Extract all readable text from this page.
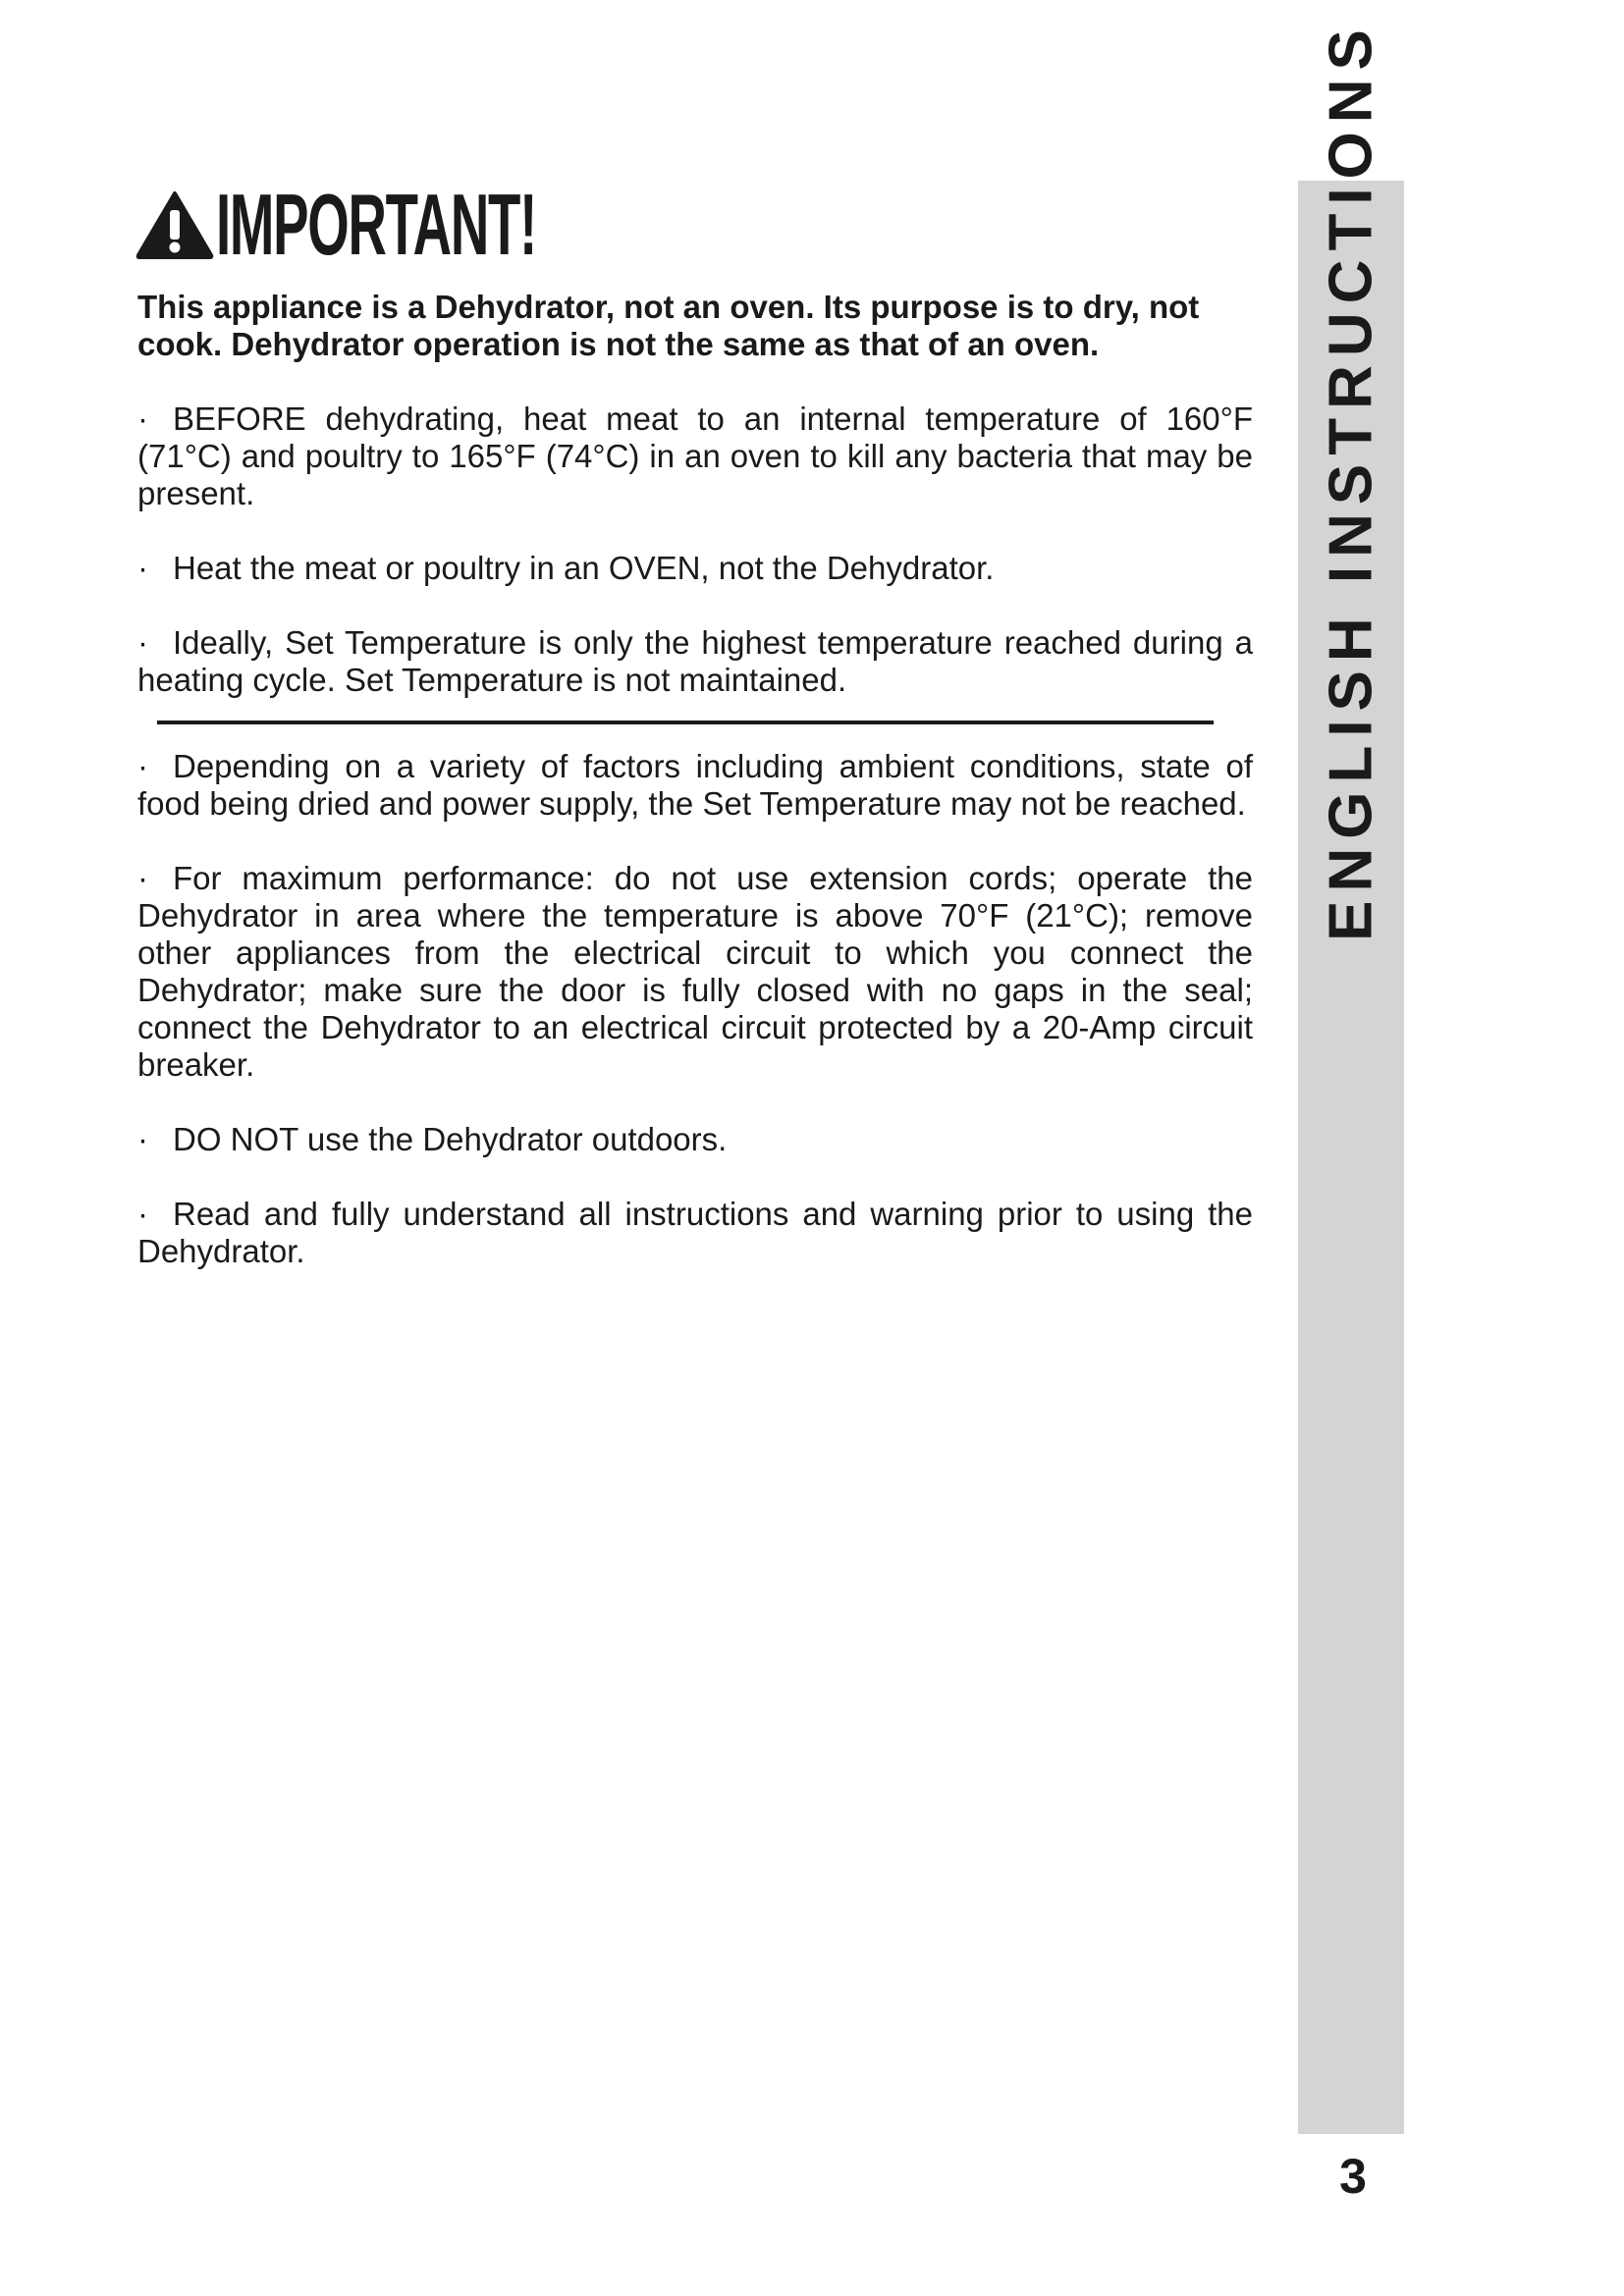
IMPORTANT!

This appliance is a Dehydrator, not an oven. Its purpose is to dry, not cook. Dehydrator operation is not the same as that of an oven.

· BEFORE dehydrating, heat meat to an internal temperature of 160°F (71°C) and poultry to 165°F (74°C) in an oven to kill any bacteria that may be present.

· Heat the meat or poultry in an OVEN, not the Dehydrator.

· Ideally, Set Temperature is only the highest temperature reached during a heating cycle. Set Temperature is not maintained.

· Depending on a variety of factors including ambient conditions, state of food being dried and power supply, the Set Temperature may not be reached.

· For maximum performance: do not use extension cords; operate the Dehydrator in area where the temperature is above 70°F (21°C); remove other appliances from the electrical circuit to which you connect the Dehydrator; make sure the door is fully closed with no gaps in the seal; connect the Dehydrator to an electrical circuit protected by a 20-Amp circuit breaker.

· DO NOT use the Dehydrator outdoors.

· Read and fully understand all instructions and warning prior to using the Dehydrator.

ENGLISH INSTRUCTIONS
3
